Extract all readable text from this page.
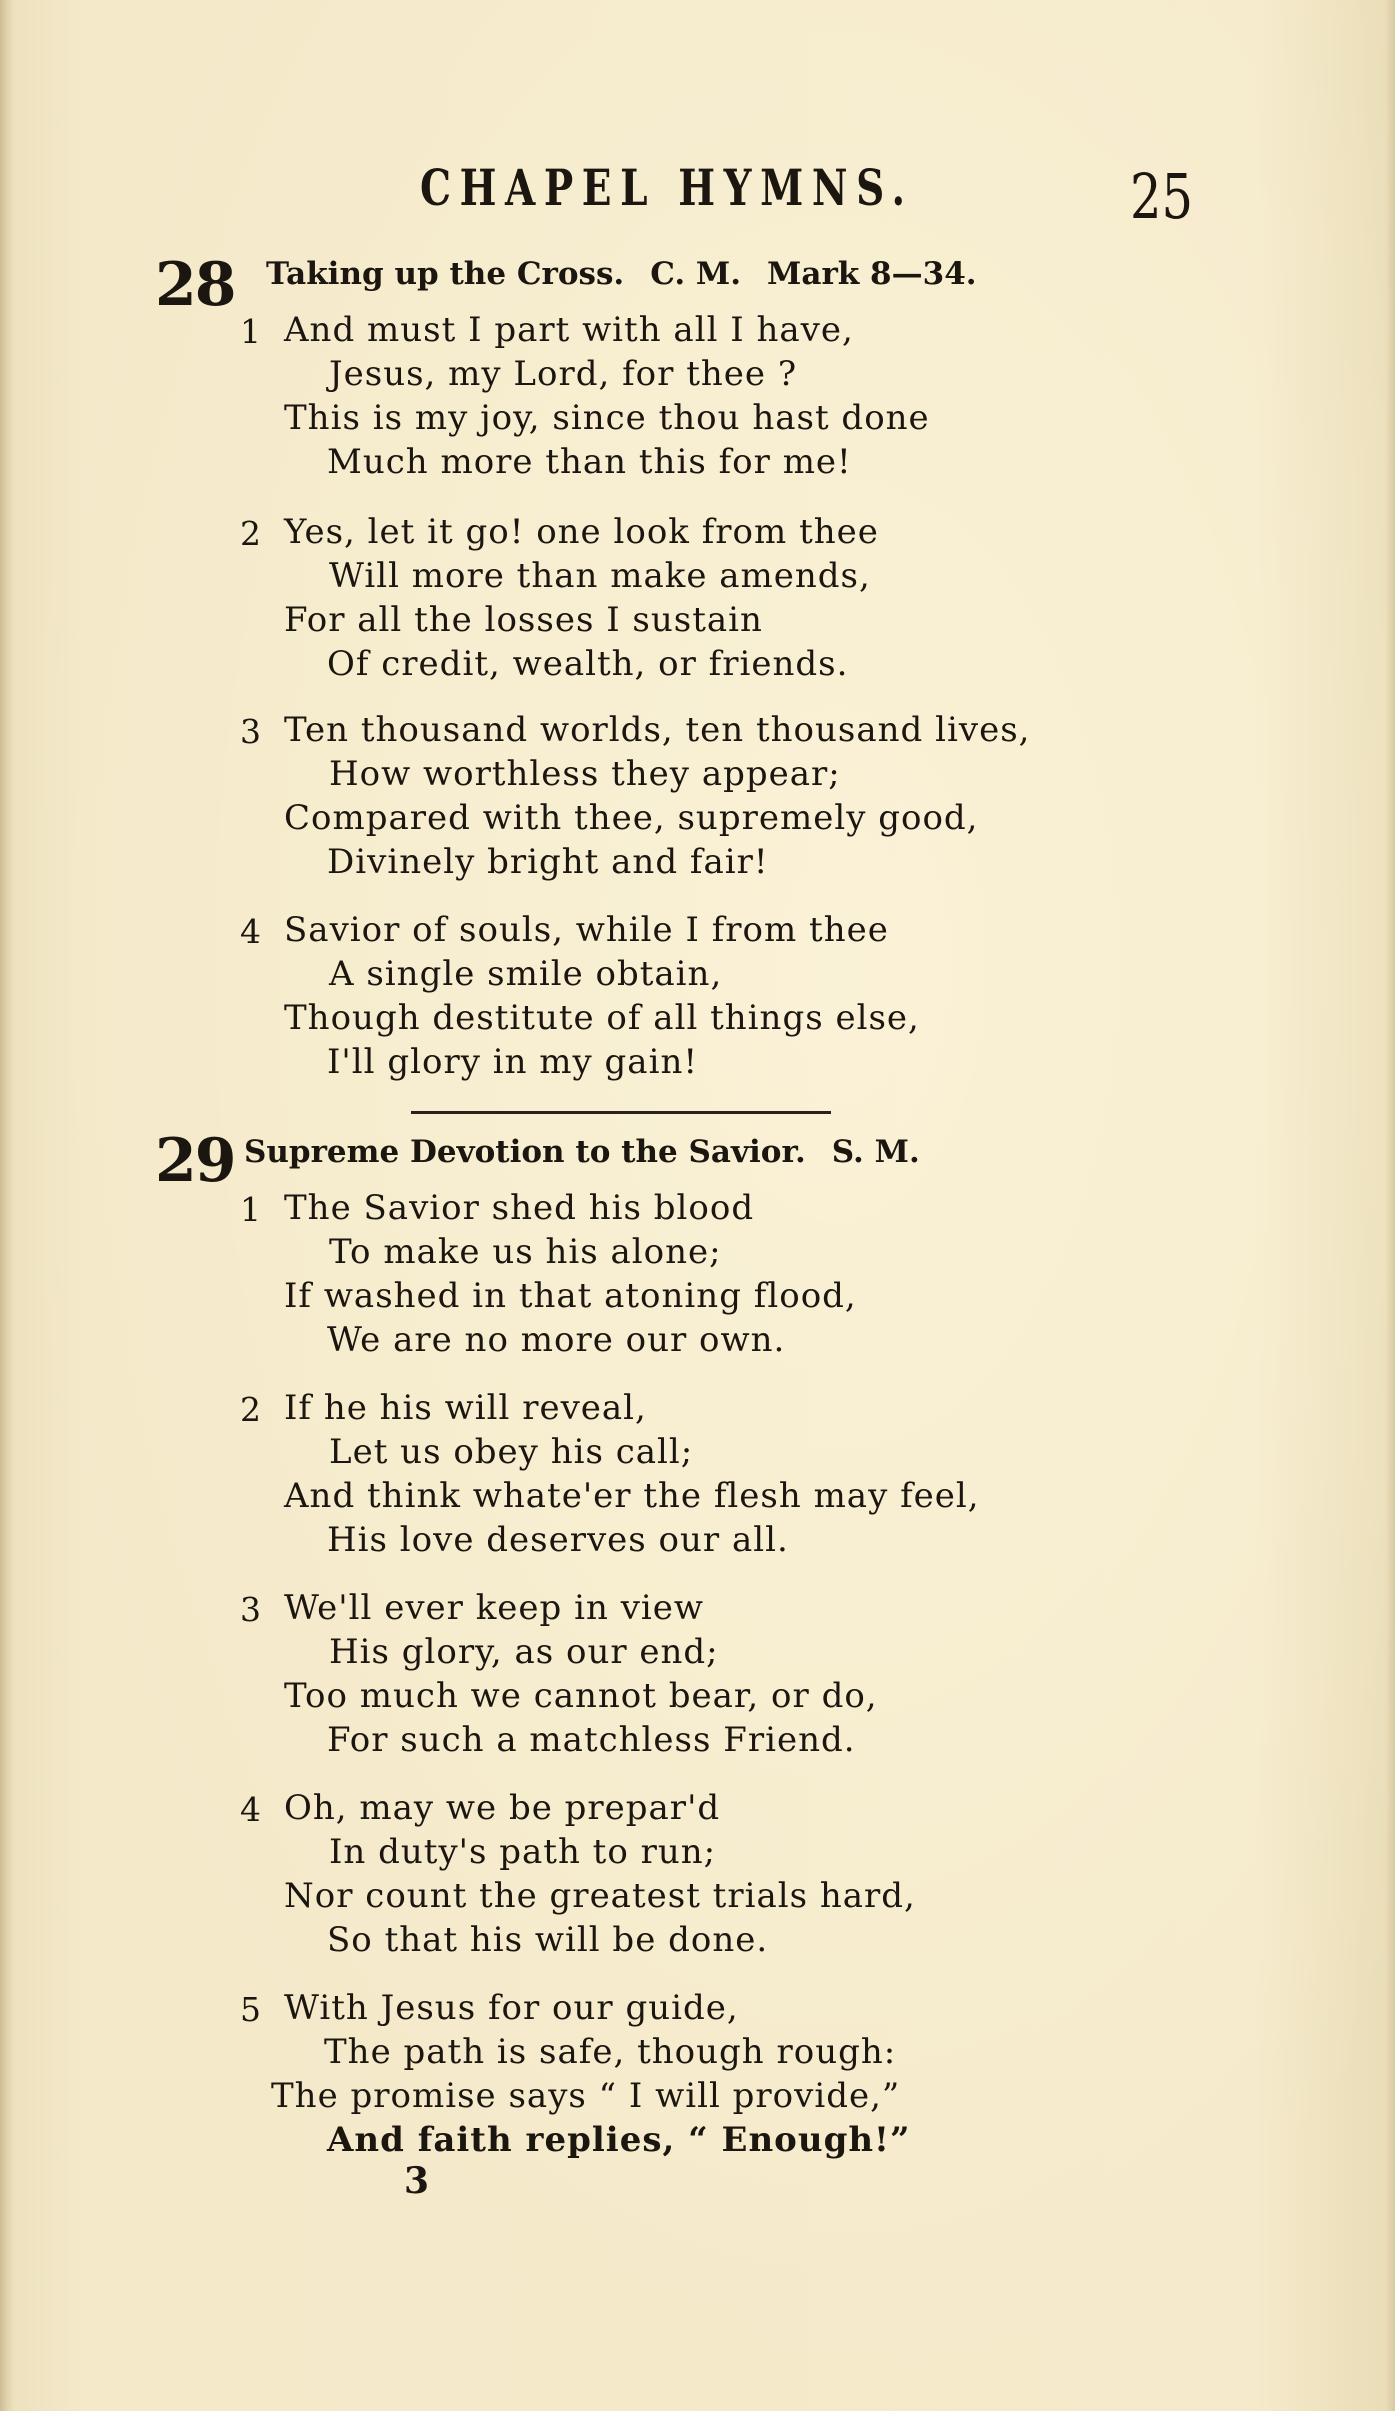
CHAPEL HYMNS.	25
28 Taking up the Cross. C. M. Mark 8—34.
1 And must I part with all I have,
Jesus, my Lord, for thee ?
This is my joy, since thou hast done
Much more than this for me!
2 Yes, let it go! one look from thee
Will more than make amends,
For all the losses I sustain
Of credit, wealth, or friends.
3 Ten thousand worlds, ten thousand lives,
How worthless they appear;
Compared with thee, supremely good,
Divinely bright and fair!
4 Savior of souls, while I from thee
A single smile obtain,
Though destitute of all things else,
I'll glory in my gain!
29 Supreme Devotion to the Savior. S. M.
1 The Savior shed his blood
To make us his alone;
If washed in that atoning flood,
We are no more our own.
2 If he his will reveal,
Let us obey his call;
And think whate'er the flesh may feel,
His love deserves our all.
3 We'll ever keep in view
His glory, as our end;
Too much we cannot bear, or do,
For such a matchless Friend.
4 Oh, may we be prepar'd
In duty's path to run;
Nor count the greatest trials hard,
So that his will be done.
5 With Jesus for our guide,
The path is safe, though rough:
The promise says “ I will provide,”
And faith replies, “ Enough!”
3
